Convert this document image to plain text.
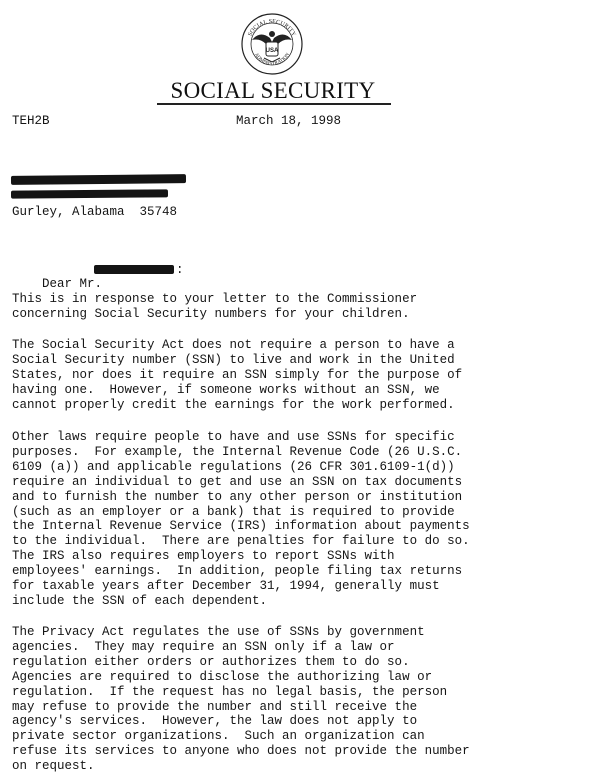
SOCIAL SECURITY
ADMINISTRATION
USA
SOCIAL SECURITY
TEH2B	March 18, 1998
Gurley, Alabama  35748

Dear Mr.

:

This is in response to your letter to the Commissioner
concerning Social Security numbers for your children.
The Social Security Act does not require a person to have a
Social Security number (SSN) to live and work in the United
States, nor does it require an SSN simply for the purpose of
having one.  However, if someone works without an SSN, we
cannot properly credit the earnings for the work performed.
Other laws require people to have and use SSNs for specific
purposes.  For example, the Internal Revenue Code (26 U.S.C.
6109 (a)) and applicable regulations (26 CFR 301.6109-1(d))
require an individual to get and use an SSN on tax documents
and to furnish the number to any other person or institution
(such as an employer or a bank) that is required to provide
the Internal Revenue Service (IRS) information about payments
to the individual.  There are penalties for failure to do so.
The IRS also requires employers to report SSNs with
employees' earnings.  In addition, people filing tax returns
for taxable years after December 31, 1994, generally must
include the SSN of each dependent.
The Privacy Act regulates the use of SSNs by government
agencies.  They may require an SSN only if a law or
regulation either orders or authorizes them to do so.
Agencies are required to disclose the authorizing law or
regulation.  If the request has no legal basis, the person
may refuse to provide the number and still receive the
agency's services.  However, the law does not apply to
private sector organizations.  Such an organization can
refuse its services to anyone who does not provide the number
on request.
